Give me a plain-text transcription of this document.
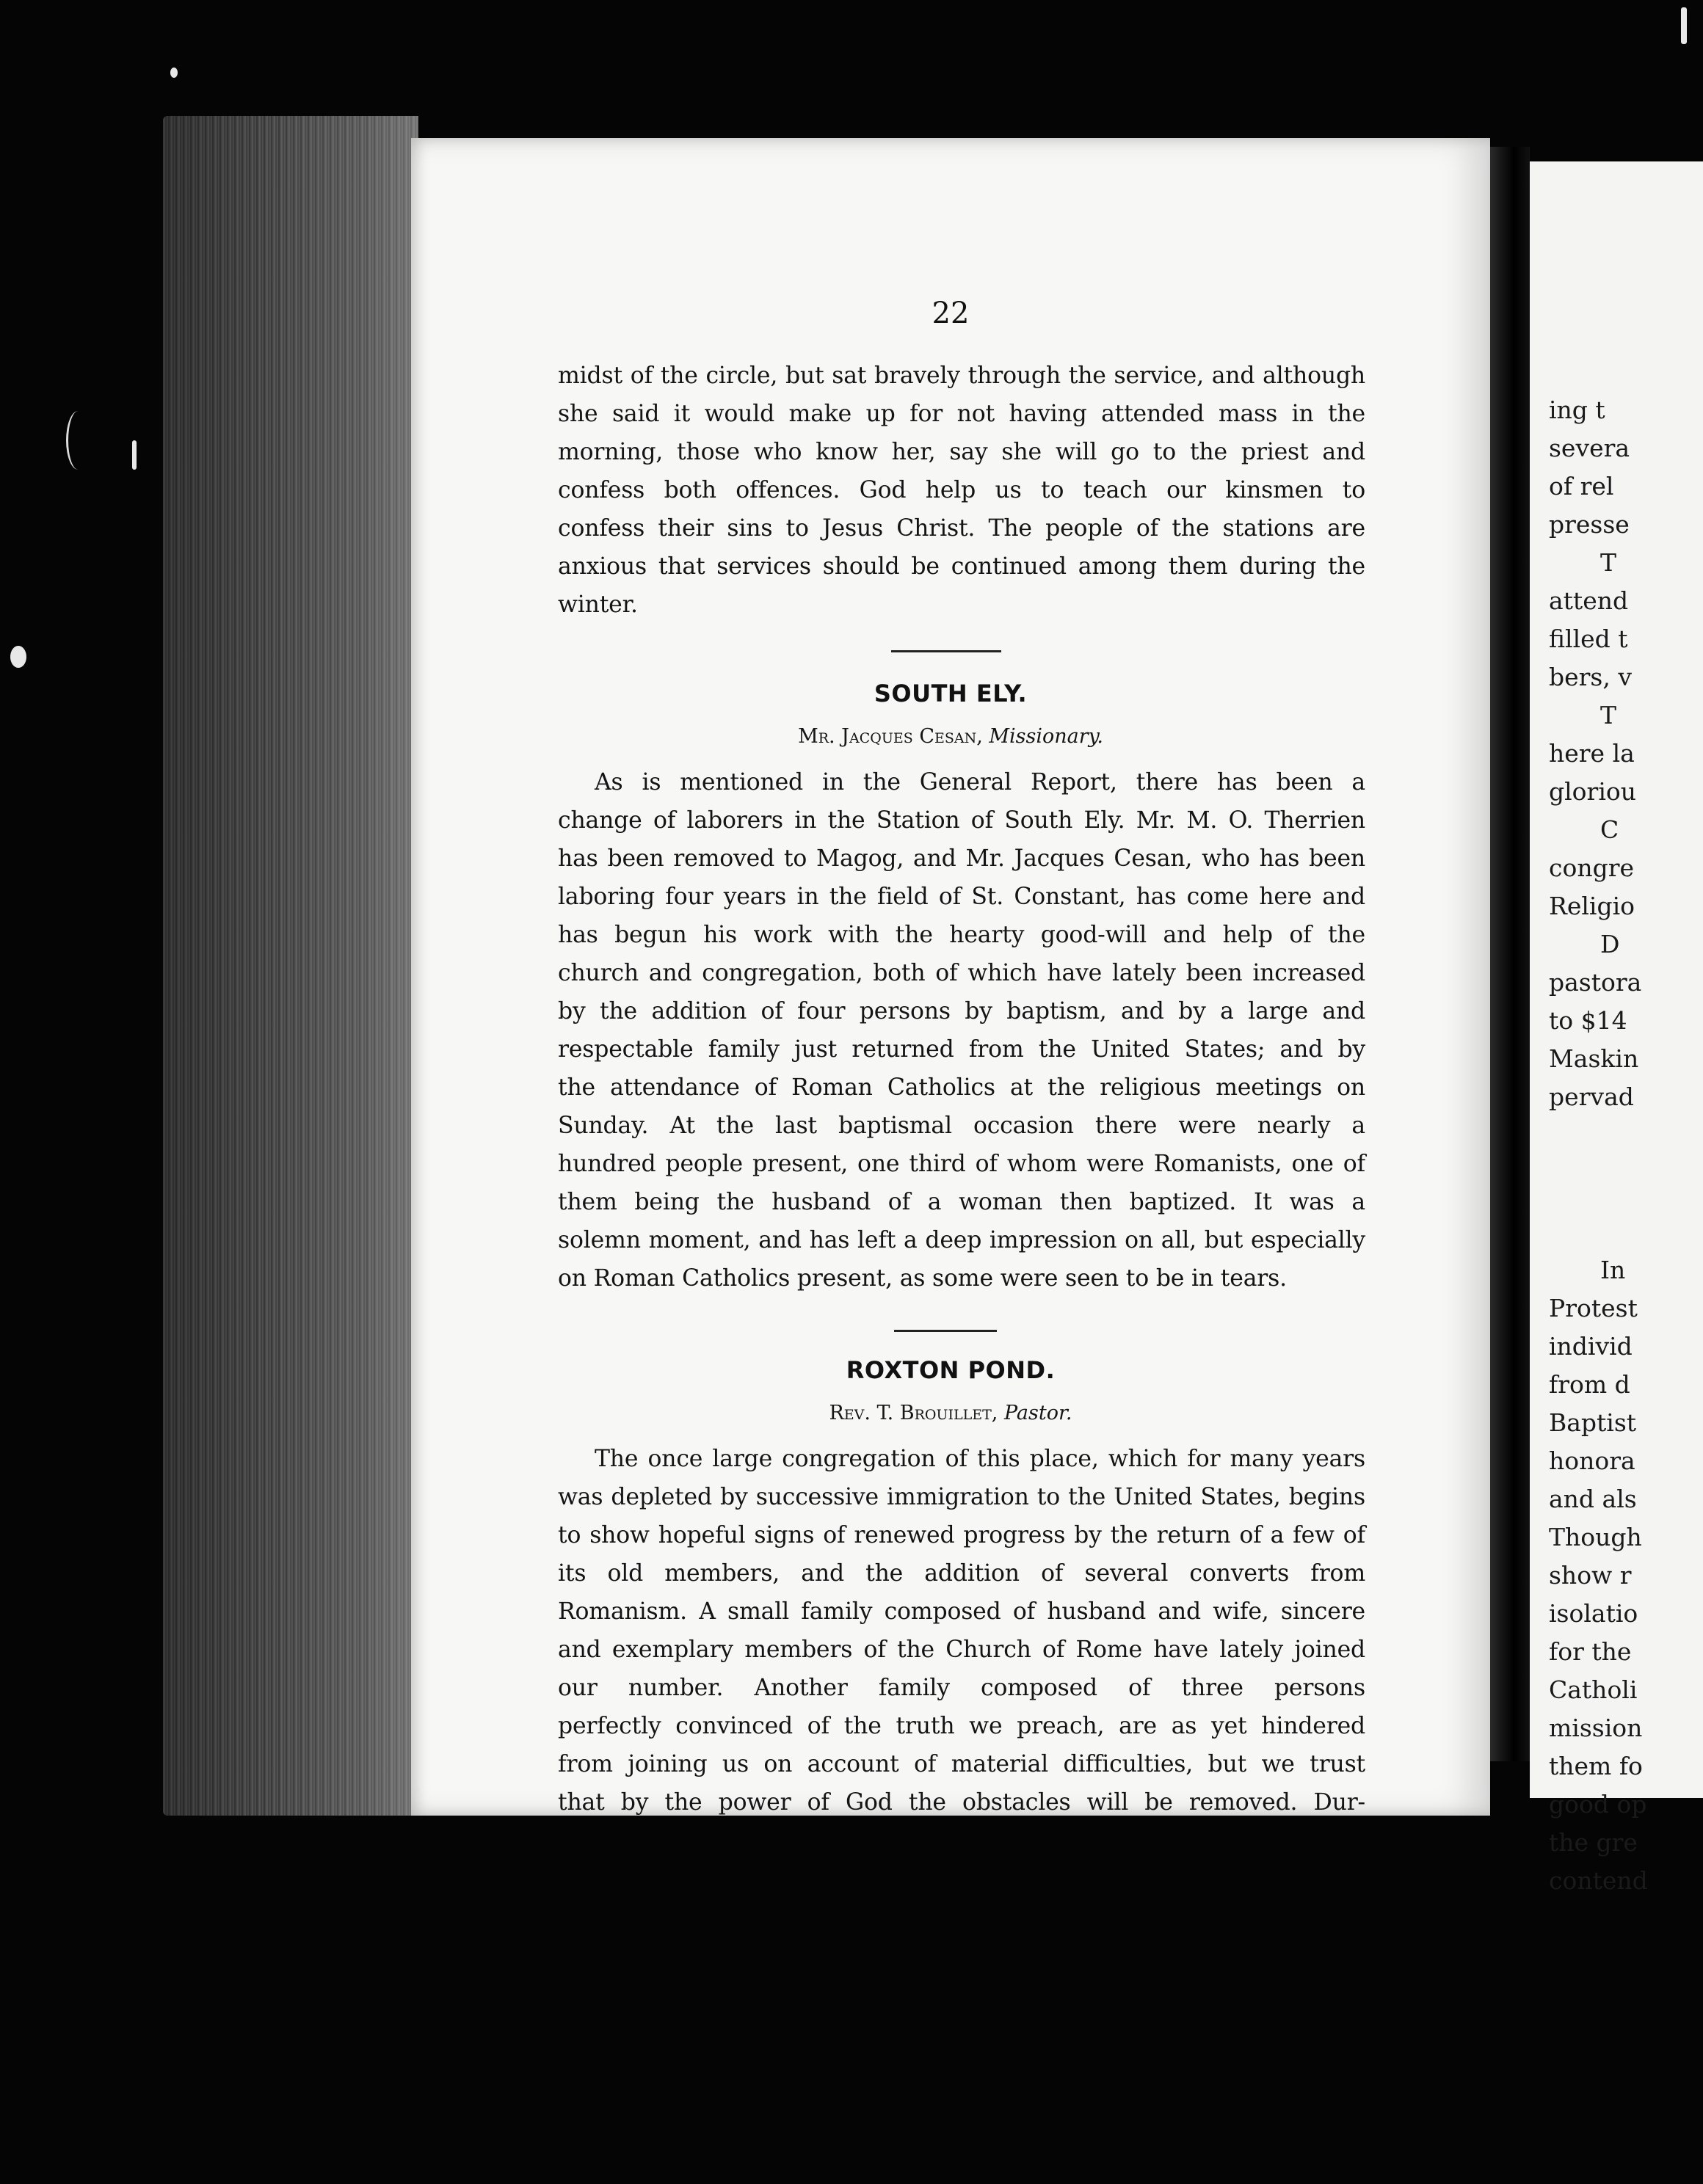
22
midst of the circle, but sat bravely through the service, and although
she said it would make up for not having attended mass in the
morning, those who know her, say she will go to the priest and
confess both offences. God help us to teach our kinsmen to
confess their sins to Jesus Christ. The people of the stations are
anxious that services should be continued among them during the
winter.
SOUTH ELY.
Mr. Jacques Cesan, Missionary.
As is mentioned in the General Report, there has been a
change of laborers in the Station of South Ely. Mr. M. O. Therrien
has been removed to Magog, and Mr. Jacques Cesan, who has been
laboring four years in the field of St. Constant, has come here and
has begun his work with the hearty good-will and help of the
church and congregation, both of which have lately been increased
by the addition of four persons by baptism, and by a large and
respectable family just returned from the United States; and by
the attendance of Roman Catholics at the religious meetings on
Sunday. At the last baptismal occasion there were nearly a
hundred people present, one third of whom were Romanists, one of
them being the husband of a woman then baptized. It was a
solemn moment, and has left a deep impression on all, but especially
on Roman Catholics present, as some were seen to be in tears.
ROXTON POND.
Rev. T. Brouillet, Pastor.
The once large congregation of this place, which for many years
was depleted by successive immigration to the United States, begins
to show hopeful signs of renewed progress by the return of a few of
its old members, and the addition of several converts from
Romanism. A small family composed of husband and wife, sincere
and exemplary members of the Church of Rome have lately joined
our number. Another family composed of three persons
perfectly convinced of the truth we preach, are as yet hindered
from joining us on account of material difficulties, but we trust
that by the power of God the obstacles will be removed. Dur-
ing t
severa
of rel
presse
T
attend
filled t
bers, v
T
here la
gloriou
C
congre
Religio
D
pastora
to $14
Maskin
pervad
In
Protest
individ
from d
Baptist
honora
and als
Though
show r
isolatio
for the
Catholi
mission
them fo
good op
the gre
contend
